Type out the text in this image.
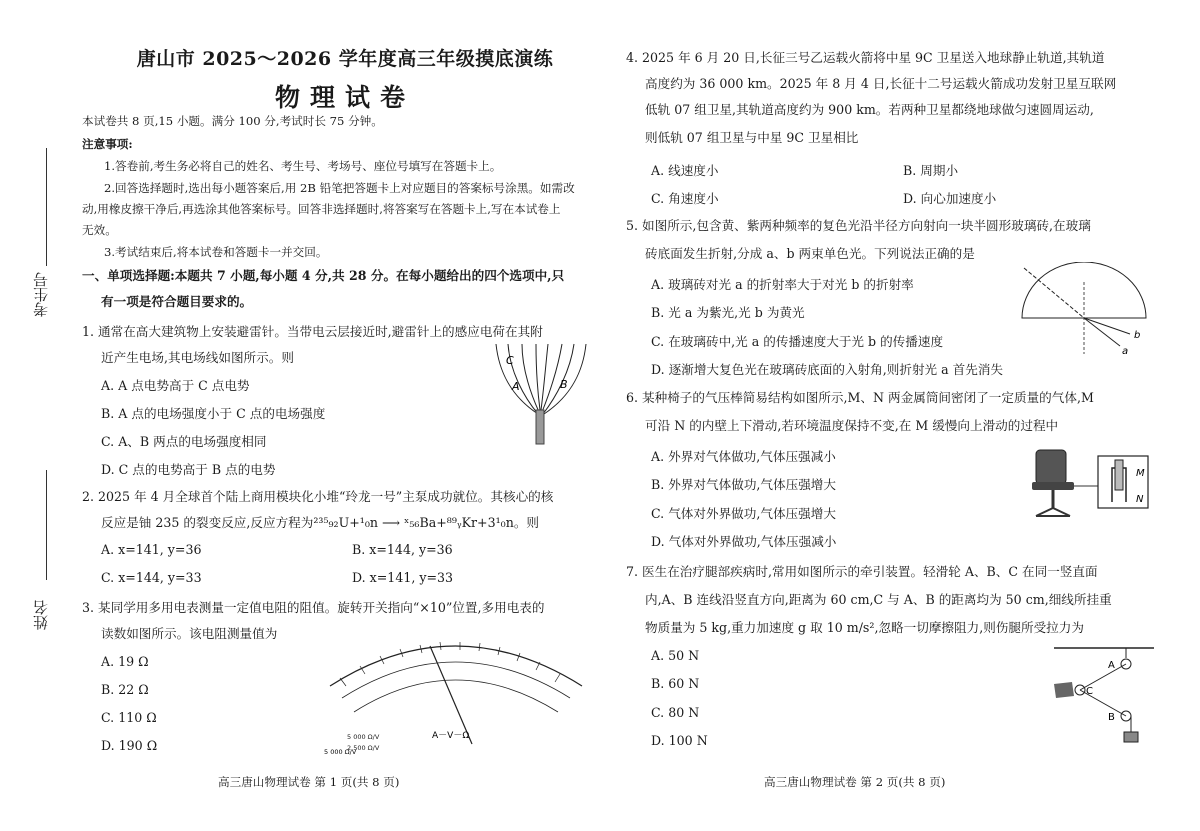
唐山市 2025～2026 学年度高三年级摸底演练
物理试卷
本试卷共 8 页,15 小题。满分 100 分,考试时长 75 分钟。
注意事项:
1.答卷前,考生务必将自己的姓名、考生号、考场号、座位号填写在答题卡上。
2.回答选择题时,选出每小题答案后,用 2B 铅笔把答题卡上对应题目的答案标号涂黑。如需改
动,用橡皮擦干净后,再选涂其他答案标号。回答非选择题时,将答案写在答题卡上,写在本试卷上
无效。
3.考试结束后,将本试卷和答题卡一并交回。
一、单项选择题:本题共 7 小题,每小题 4 分,共 28 分。在每小题给出的四个选项中,只
有一项是符合题目要求的。
考生号
姓名
1. 通常在高大建筑物上安装避雷针。当带电云层接近时,避雷针上的感应电荷在其附
近产生电场,其电场线如图所示。则
A. A 点电势高于 C 点电势
B. A 点的电场强度小于 C 点的电场强度
C. A、B 两点的电场强度相同
D. C 点的电势高于 B 点的电势
C
A	B
2. 2025 年 4 月全球首个陆上商用模块化小堆“玲龙一号”主泵成功就位。其核心的核
反应是铀 235 的裂变反应,反应方程为²³⁵₉₂U+¹₀n ⟶ ˣ₅₆Ba+⁸⁹ᵧKr+3¹₀n。则
A. x=141, y=36	B. x=144, y=36
C. x=144, y=33	D. x=141, y=33
3. 某同学用多用电表测量一定值电阻的阻值。旋转开关指向“×10”位置,多用电表的
读数如图所示。该电阻测量值为
A. 19 Ω
B. 22 Ω
C. 110 Ω
D. 190 Ω	5 000 Ω/V
A－V－Ω
5 000 Ω/V
2 500 Ω/V
高三唐山物理试卷 第 1 页(共 8 页)
4. 2025 年 6 月 20 日,长征三号乙运载火箭将中星 9C 卫星送入地球静止轨道,其轨道
高度约为 36 000 km。2025 年 8 月 4 日,长征十二号运载火箭成功发射卫星互联网
低轨 07 组卫星,其轨道高度约为 900 km。若两种卫星都绕地球做匀速圆周运动,
则低轨 07 组卫星与中星 9C 卫星相比
A. 线速度小	B. 周期小
C. 角速度小	D. 向心加速度小
5. 如图所示,包含黄、紫两种频率的复色光沿半径方向射向一块半圆形玻璃砖,在玻璃
砖底面发生折射,分成 a、b 两束单色光。下列说法正确的是
A. 玻璃砖对光 a 的折射率大于对光 b 的折射率
B. 光 a 为紫光,光 b 为黄光
C. 在玻璃砖中,光 a 的传播速度大于光 b 的传播速度
D. 逐渐增大复色光在玻璃砖底面的入射角,则折射光 a 首先消失
b
a
6. 某种椅子的气压棒简易结构如图所示,M、N 两金属筒间密闭了一定质量的气体,M
可沿 N 的内壁上下滑动,若环境温度保持不变,在 M 缓慢向上滑动的过程中
A. 外界对气体做功,气体压强减小
B. 外界对气体做功,气体压强增大
C. 气体对外界做功,气体压强增大
D. 气体对外界做功,气体压强减小
M
N
7. 医生在治疗腿部疾病时,常用如图所示的牵引装置。轻滑轮 A、B、C 在同一竖直面
内,A、B 连线沿竖直方向,距离为 60 cm,C 与 A、B 的距离均为 50 cm,细线所挂重
物质量为 5 kg,重力加速度 g 取 10 m/s²,忽略一切摩擦阻力,则伤腿所受拉力为
A. 50 N
B. 60 N
C. 80 N
D. 100 N
A
C
B
高三唐山物理试卷 第 2 页(共 8 页)
